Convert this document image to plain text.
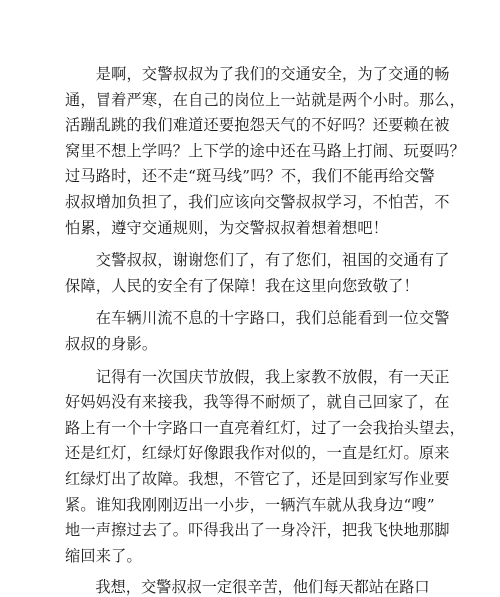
　　是啊，交警叔叔为了我们的交通安全，为了交通的畅
通，冒着严寒，在自己的岗位上一站就是两个小时。那么，
活蹦乱跳的我们难道还要抱怨天气的不好吗？还要赖在被
窝里不想上学吗？上下学的途中还在马路上打闹、玩耍吗？
过马路时，还不走“斑马线”吗？不，我们不能再给交警
叔叔增加负担了，我们应该向交警叔叔学习，不怕苦，不
怕累，遵守交通规则，为交警叔叔着想着想吧！

　　交警叔叔，谢谢您们了，有了您们，祖国的交通有了
保障，人民的安全有了保障！我在这里向您致敬了！

　　在车辆川流不息的十字路口，我们总能看到一位交警
叔叔的身影。

　　记得有一次国庆节放假，我上家教不放假，有一天正
好妈妈没有来接我，我等得不耐烦了，就自己回家了，在
路上有一个十字路口一直亮着红灯，过了一会我抬头望去，
还是红灯，红绿灯好像跟我作对似的，一直是红灯。原来
红绿灯出了故障。我想，不管它了，还是回到家写作业要
紧。谁知我刚刚迈出一小步，一辆汽车就从我身边“嗖”
地一声擦过去了。吓得我出了一身冷汗，把我飞快地那脚
缩回来了。

　　我想，交警叔叔一定很辛苦，他们每天都站在路口
